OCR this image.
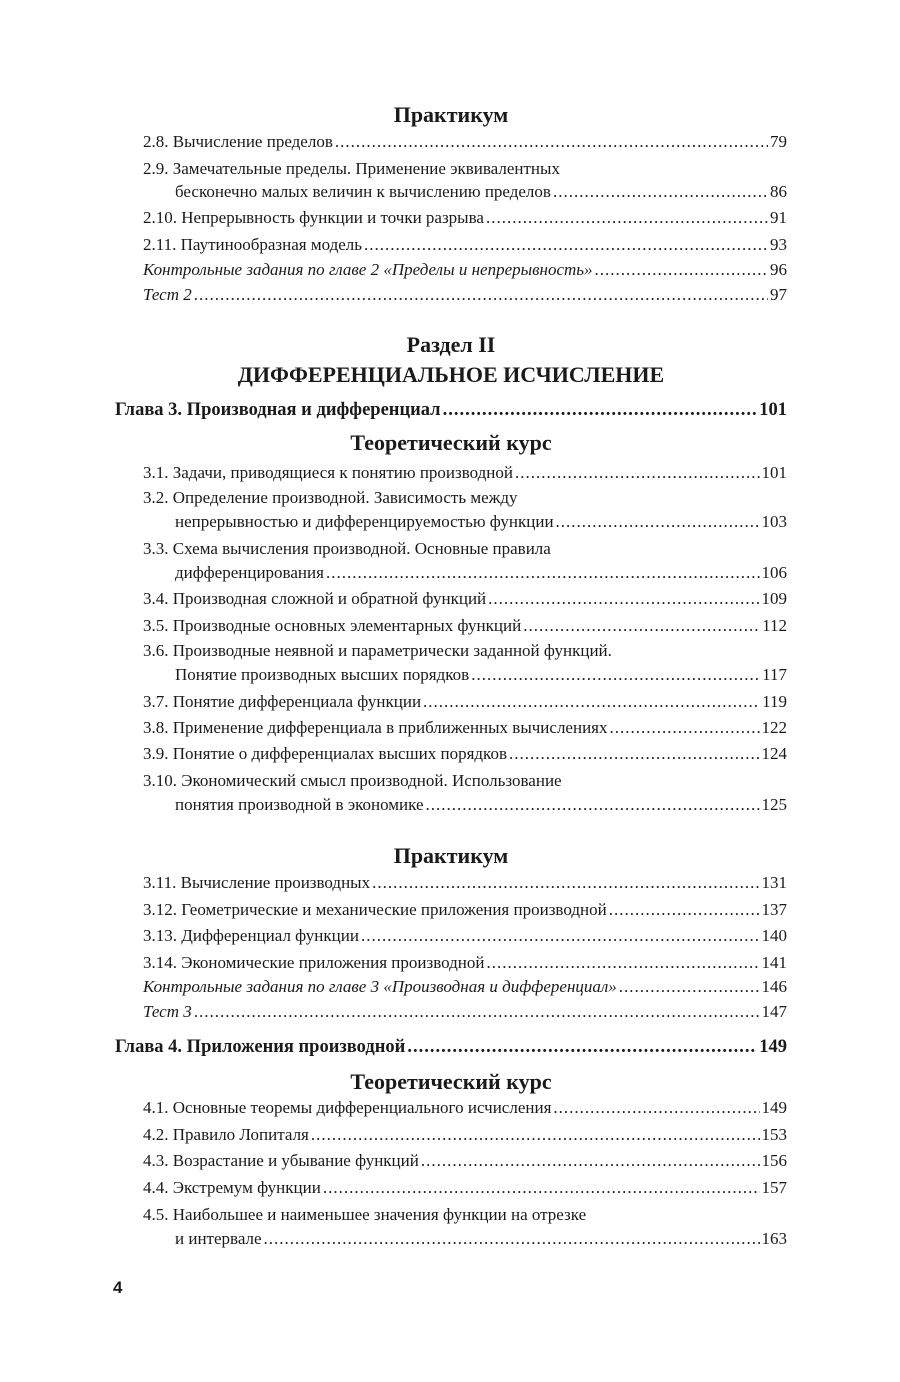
Практикум
2.8. Вычисление пределов .....	79
2.9. Замечательные пределы. Применение эквивалентных
бесконечно малых величин к вычислению пределов .....	86
2.10. Непрерывность функции и точки разрыва .....	91
2.11. Паутинообразная модель .....	93
Контрольные задания по главе 2 «Пределы и непрерывность» .....	96
Тест 2 .....	97
Раздел II
ДИФФЕРЕНЦИАЛЬНОЕ ИСЧИСЛЕНИЕ
Глава 3. Производная и дифференциал .....	101
Теоретический курс
3.1. Задачи, приводящиеся к понятию производной .....	101
3.2. Определение производной. Зависимость между
непрерывностью и дифференцируемостью функции .....	103
3.3. Схема вычисления производной. Основные правила
дифференцирования .....	106
3.4. Производная сложной и обратной функций .....	109
3.5. Производные основных элементарных функций .....	112
3.6. Производные неявной и параметрически заданной функций.
Понятие производных высших порядков .....	117
3.7. Понятие дифференциала функции .....	119
3.8. Применение дифференциала в приближенных вычислениях .....	122
3.9. Понятие о дифференциалах высших порядков .....	124
3.10. Экономический смысл производной. Использование
понятия производной в экономике .....	125
Практикум
3.11. Вычисление производных .....	131
3.12. Геометрические и механические приложения производной .....	137
3.13. Дифференциал функции .....	140
3.14. Экономические приложения производной .....	141
Контрольные задания по главе 3 «Производная и дифференциал» .....	146
Тест 3 .....	147
Глава 4. Приложения производной .....	149
Теоретический курс
4.1. Основные теоремы дифференциального исчисления .....	149
4.2. Правило Лопиталя .....	153
4.3. Возрастание и убывание функций .....	156
4.4. Экстремум функции .....	157
4.5. Наибольшее и наименьшее значения функции на отрезке
и интервале .....	163
4
